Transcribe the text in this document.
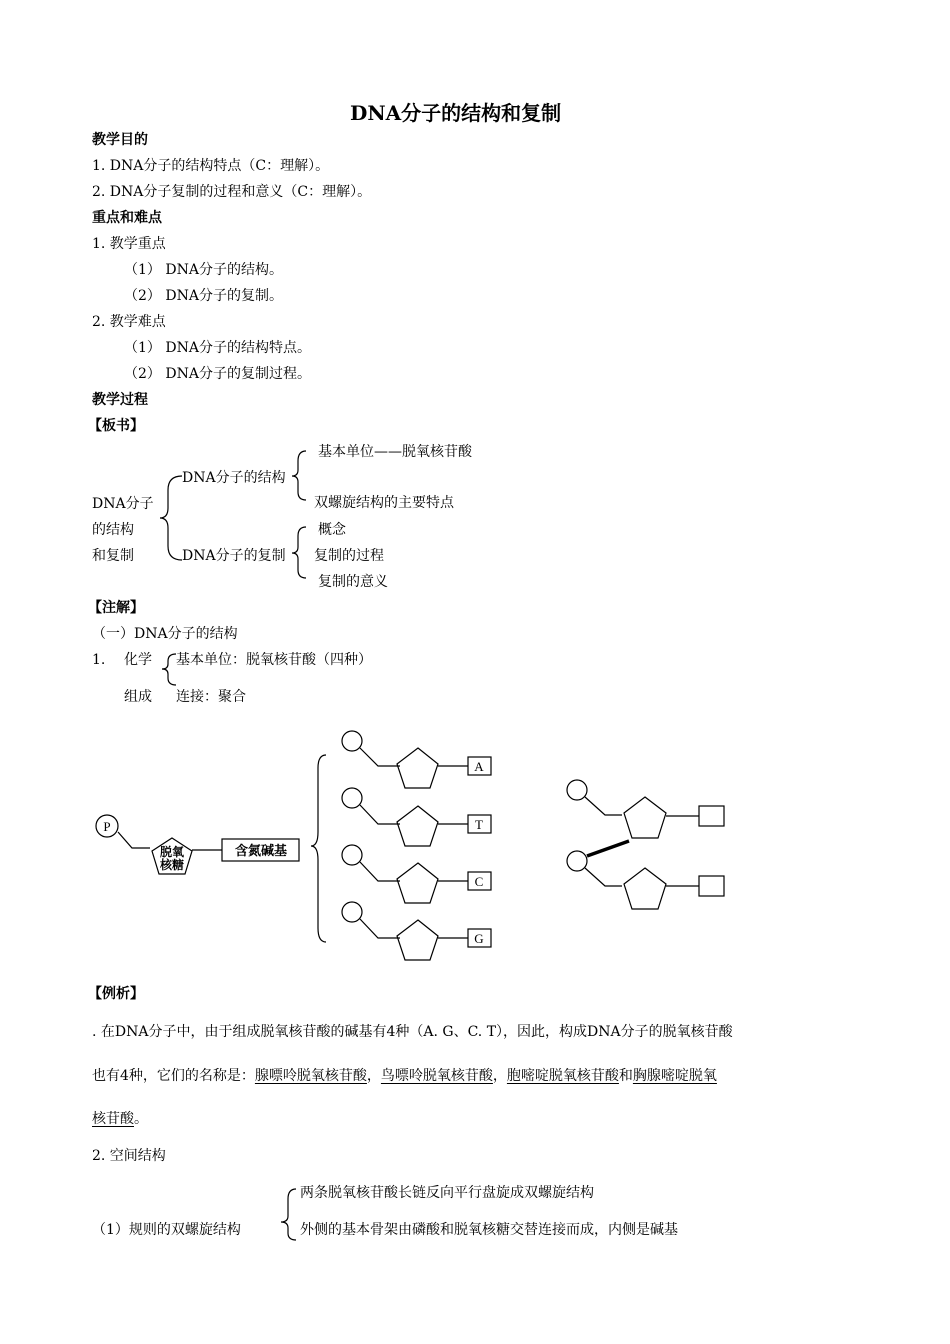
DNA分子的结构和复制
教学目的
1. DNA分子的结构特点（C：理解）。
2. DNA分子复制的过程和意义（C：理解）。
重点和难点
1. 教学重点
（1） DNA分子的结构。
（2） DNA分子的复制。
2. 教学难点
（1） DNA分子的结构特点。
（2） DNA分子的复制过程。
教学过程
【板书】
DNA分子
的结构
和复制
DNA分子的结构
基本单位——脱氧核苷酸
双螺旋结构的主要特点
DNA分子的复制
概念
复制的过程
复制的意义
【注解】
（一）DNA分子的结构
1. 化学
组成
基本单位：脱氧核苷酸（四种）
连接：聚合
P
脱氧
核糖
含氮碱基
A
T
C
G
【例析】
. 在DNA分子中，由于组成脱氧核苷酸的碱基有4种（A. G、C. T），因此，构成DNA分子的脱氧核苷酸
也有4种，它们的名称是：腺嘌呤脱氧核苷酸，鸟嘌呤脱氧核苷酸，胞嘧啶脱氧核苷酸和胸腺嘧啶脱氧
核苷酸。
2. 空间结构
（1）规则的双螺旋结构
两条脱氧核苷酸长链反向平行盘旋成双螺旋结构
外侧的基本骨架由磷酸和脱氧核糖交替连接而成，内侧是碱基
